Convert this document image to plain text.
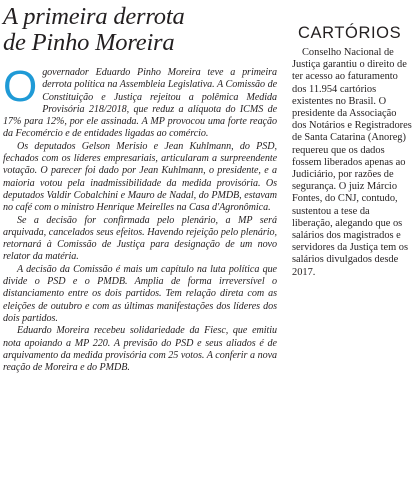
A primeira derrota
de Pinho Moreira

Ogovernador Eduardo Pinho Moreira teve a primeira derrota política na Assembleia Legislativa. A Comissão de Constituição e Justiça rejeitou a polêmica Medida Provisória 218/2018, que reduz a alíquota do ICMS de 17% para 12%, por ele assinada. A MP provocou uma forte reação da Fecomércio e de entidades ligadas ao comércio.

Os deputados Gelson Merisio e Jean Kuhlmann, do PSD, fechados com os líderes empresariais, articularam a surpreendente votação. O parecer foi dado por Jean Kuhlmann, o presidente, e a maioria votou pela inadmissibilidade da medida provisória. Os deputados Valdir Cobalchini e Mauro de Nadal, do PMDB, estavam no café com o ministro Henrique Meirelles na Casa d'Agronômica.

Se a decisão for confirmada pelo plenário, a MP será arquivada, cancelados seus efeitos. Havendo rejeição pelo plenário, retornará à Comissão de Justiça para designação de um novo relator da matéria.

A decisão da Comissão é mais um capítulo na luta política que divide o PSD e o PMDB. Amplia de forma irreversível o distanciamento entre os dois partidos. Tem relação direta com as eleições de outubro e com as últimas manifestações dos líderes dos dois partidos.

Eduardo Moreira recebeu solidariedade da Fiesc, que emitiu nota apoiando a MP 220. A previsão do PSD e seus aliados é de arquivamento da medida provisória com 25 votos. A conferir a nova reação de Moreira e do PMDB.

CARTÓRIOS

Conselho Nacional de Justiça garantiu o direito de ter acesso ao faturamento dos 11.954 cartórios existentes no Brasil. O presidente da Associação dos Notários e Registradores de Santa Catarina (Anoreg) requereu que os dados fossem liberados apenas ao Judiciário, por razões de segurança. O juiz Márcio Fontes, do CNJ, contudo, sustentou a tese da liberação, alegando que os salários dos magistrados e servidores da Justiça tem os salários divulgados desde 2017.
